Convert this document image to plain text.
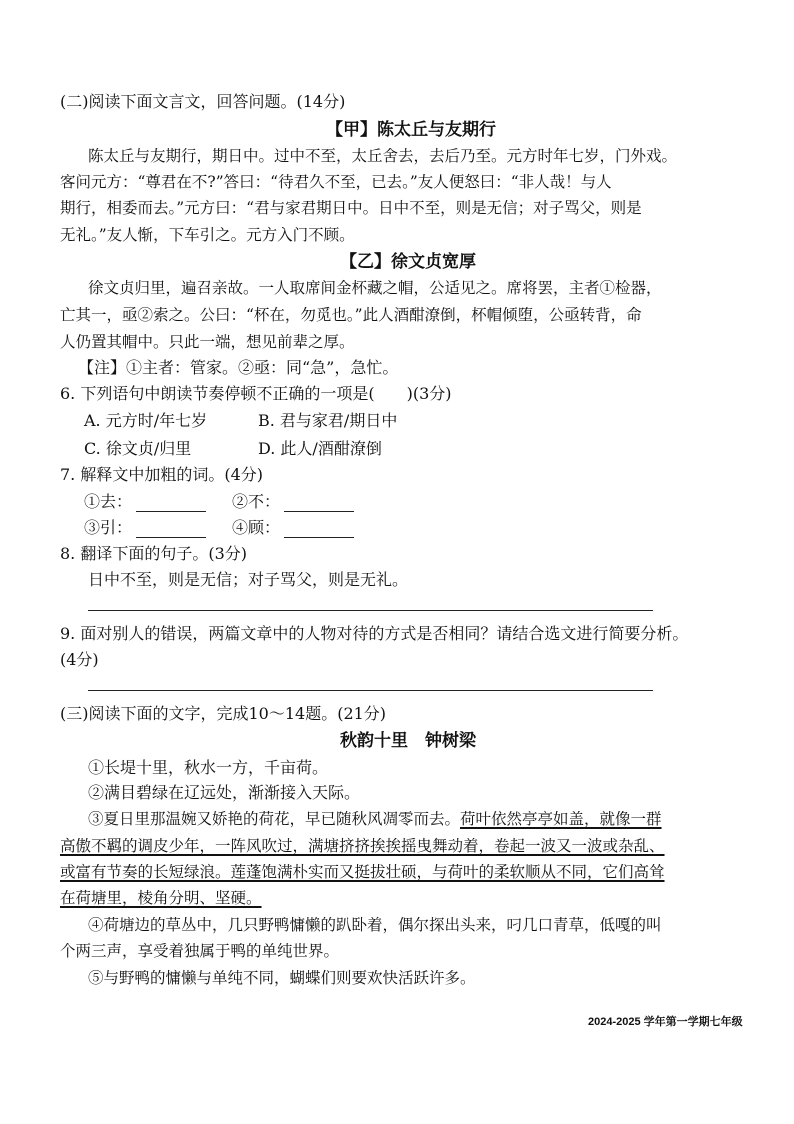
(二)阅读下面文言文，回答问题。(14分)
【甲】陈太丘与友期行
陈太丘与友期行，期日中。过中不至，太丘舍去，去后乃至。元方时年七岁，门外戏。
客问元方：“尊君在不?”答曰：“待君久不至，已去。”友人便怒曰：“非人哉！与人
期行，相委而去。”元方曰：“君与家君期日中。日中不至，则是无信；对子骂父，则是
无礼。”友人惭，下车引之。元方入门不顾。
【乙】徐文贞宽厚
徐文贞归里，遍召亲故。一人取席间金杯藏之帽，公适见之。席将罢，主者①检器，
亡其一，亟②索之。公曰：“杯在，勿觅也。”此人酒酣潦倒，杯帽倾堕，公亟转背，命
人仍置其帽中。只此一端，想见前辈之厚。
【注】①主者：管家。②亟：同“急”，急忙。
6. 下列语句中朗读节奏停顿不正确的一项是(　　)(3分)
A. 元方时/年七岁	B. 君与家君/期日中
C. 徐文贞/归里	D. 此人/酒酣潦倒
7. 解释文中加粗的词。(4分)
①去：	②不：
③引：	④顾：
8. 翻译下面的句子。(3分)
日中不至，则是无信；对子骂父，则是无礼。
9. 面对别人的错误，两篇文章中的人物对待的方式是否相同？请结合选文进行简要分析。
(4分)
(三)阅读下面的文字，完成10～14题。(21分)
秋韵十里　钟树梁
①长堤十里，秋水一方，千亩荷。
②满目碧绿在辽远处，渐渐接入天际。
③夏日里那温婉又娇艳的荷花，早已随秋风凋零而去。荷叶依然亭亭如盖，就像一群
高傲不羁的调皮少年，一阵风吹过，满塘挤挤挨挨摇曳舞动着，卷起一波又一波或杂乱、
或富有节奏的长短绿浪。莲蓬饱满朴实而又挺拔壮硕，与荷叶的柔软顺从不同，它们高耸
在荷塘里，棱角分明、坚硬。
④荷塘边的草丛中，几只野鸭慵懒的趴卧着，偶尔探出头来，叼几口青草，低嘎的叫
个两三声，享受着独属于鸭的单纯世界。
⑤与野鸭的慵懒与单纯不同，蝴蝶们则要欢快活跃许多。
2024-2025 学年第一学期七年级
